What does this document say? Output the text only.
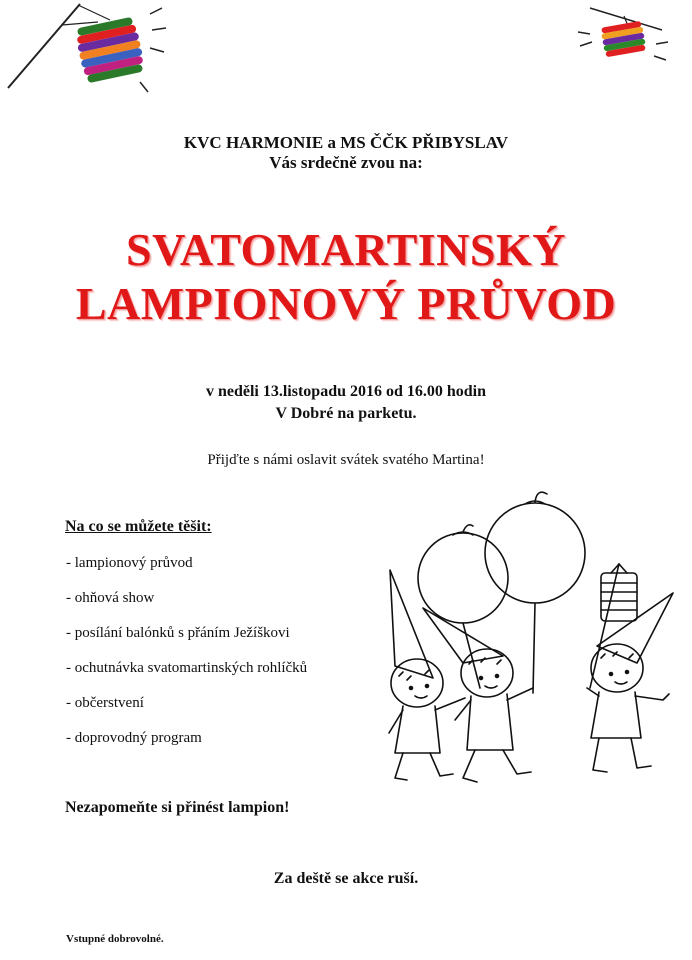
KVC HARMONIE a MS ČČK PŘIBYSLAV
Vás srdečně zvou na:
SVATOMARTINSKÝ
LAMPIONOVÝ PRŮVOD
v neděli 13.listopadu 2016 od 16.00 hodin
V Dobré na parketu.
Přijďte s námi oslavit svátek svatého Martina!
Na co se můžete těšit:
- lampionový průvod
- ohňová show
- posílání balónků s přáním Ježíškovi
- ochutnávka svatomartinských rohlíčků
- občerstvení
- doprovodný program
Nezapomeňte si přinést lampion!
Za deště se akce ruší.
Vstupné dobrovolné.
